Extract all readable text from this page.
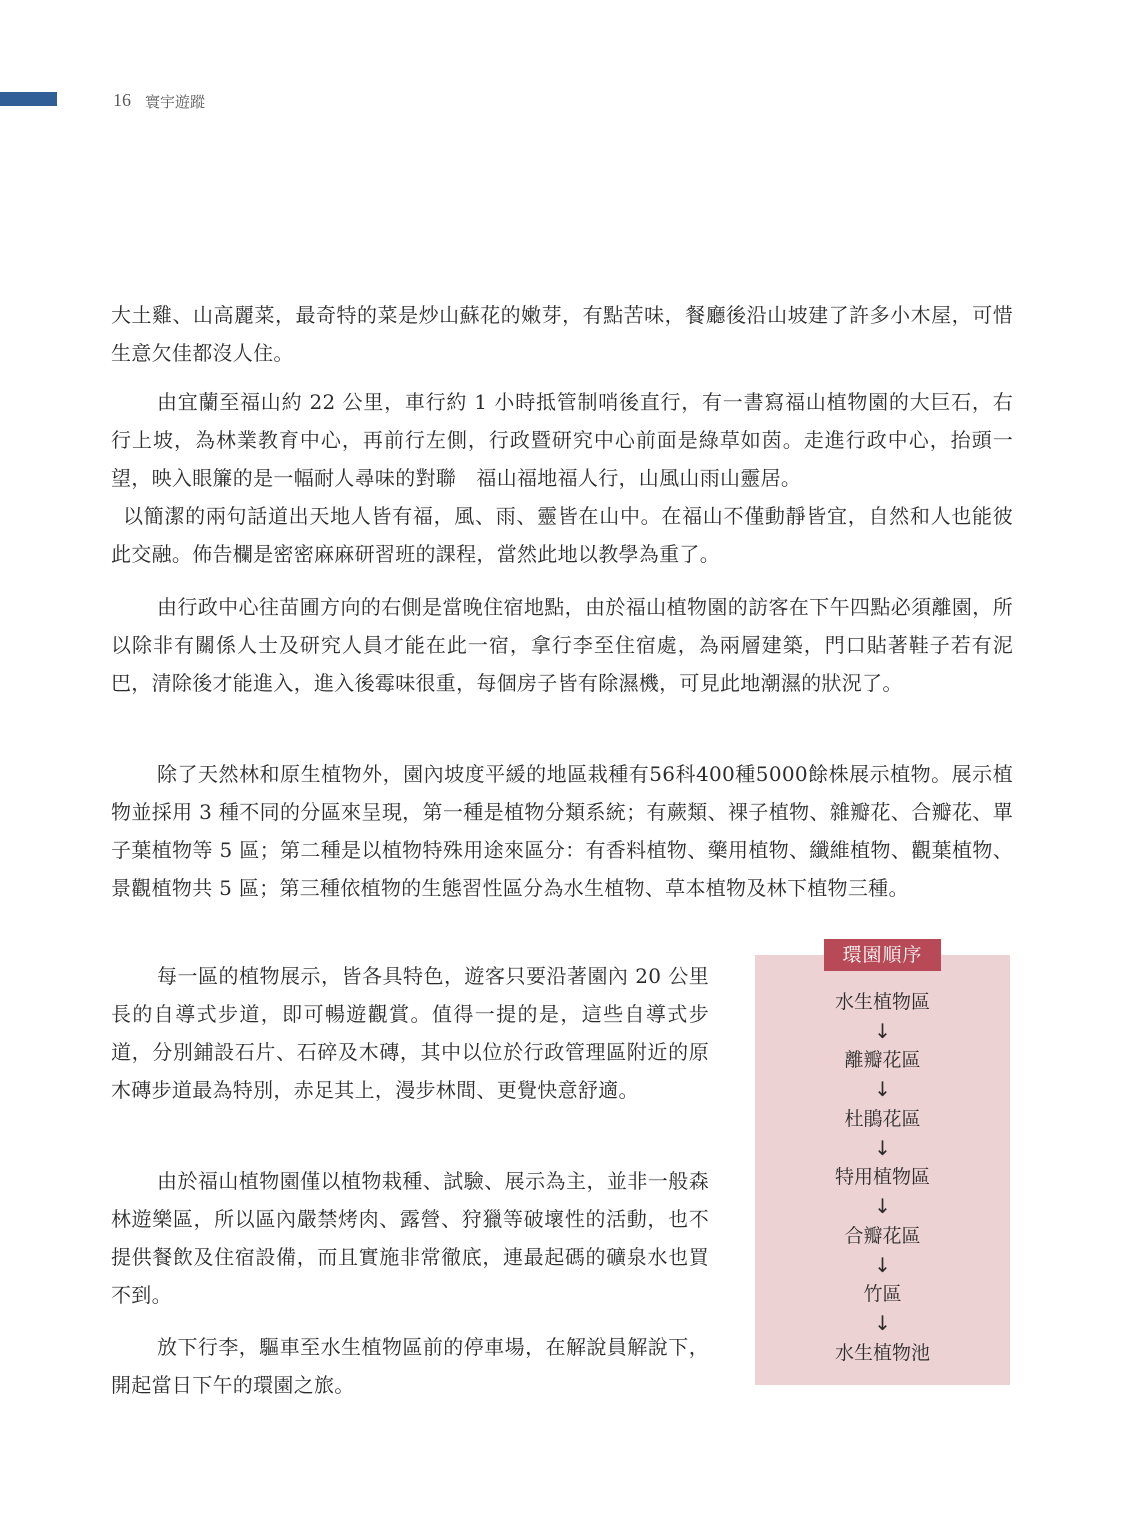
16 寰宇遊蹤

大土雞、山高麗菜，最奇特的菜是炒山蘇花的嫩芽，有點苦味，餐廳後沿山坡建了許多小木屋，可惜生意欠佳都沒人住。

由宜蘭至福山約 22 公里，車行約 1 小時抵管制哨後直行，有一書寫福山植物園的大巨石，右行上坡，為林業教育中心，再前行左側，行政暨研究中心前面是綠草如茵。走進行政中心，抬頭一望，映入眼簾的是一幅耐人尋味的對聯　福山福地福人行，山風山雨山靈居。

以簡潔的兩句話道出天地人皆有福，風、雨、靈皆在山中。在福山不僅動靜皆宜，自然和人也能彼此交融。佈告欄是密密麻麻研習班的課程，當然此地以教學為重了。

由行政中心往苗圃方向的右側是當晚住宿地點，由於福山植物園的訪客在下午四點必須離園，所以除非有關係人士及研究人員才能在此一宿，拿行李至住宿處，為兩層建築，門口貼著鞋子若有泥巴，清除後才能進入，進入後霉味很重，每個房子皆有除濕機，可見此地潮濕的狀況了。

除了天然林和原生植物外，園內坡度平緩的地區栽種有56科400種5000餘株展示植物。展示植物並採用 3 種不同的分區來呈現，第一種是植物分類系統；有蕨類、裸子植物、雜瓣花、合瓣花、單子葉植物等 5 區；第二種是以植物特殊用途來區分：有香料植物、藥用植物、纖維植物、觀葉植物、景觀植物共 5 區；第三種依植物的生態習性區分為水生植物、草本植物及林下植物三種。

每一區的植物展示，皆各具特色，遊客只要沿著園內 20 公里長的自導式步道，即可暢遊觀賞。值得一提的是，這些自導式步道，分別鋪設石片、石碎及木磚，其中以位於行政管理區附近的原木磚步道最為特別，赤足其上，漫步林間、更覺快意舒適。

由於福山植物園僅以植物栽種、試驗、展示為主，並非一般森林遊樂區，所以區內嚴禁烤肉、露營、狩獵等破壞性的活動，也不提供餐飲及住宿設備，而且實施非常徹底，連最起碼的礦泉水也買不到。

放下行李，驅車至水生植物區前的停車場，在解說員解說下，開起當日下午的環園之旅。

環園順序
水生植物區
↓
離瓣花區
↓
杜鵑花區
↓
特用植物區
↓
合瓣花區
↓
竹區
↓
水生植物池
